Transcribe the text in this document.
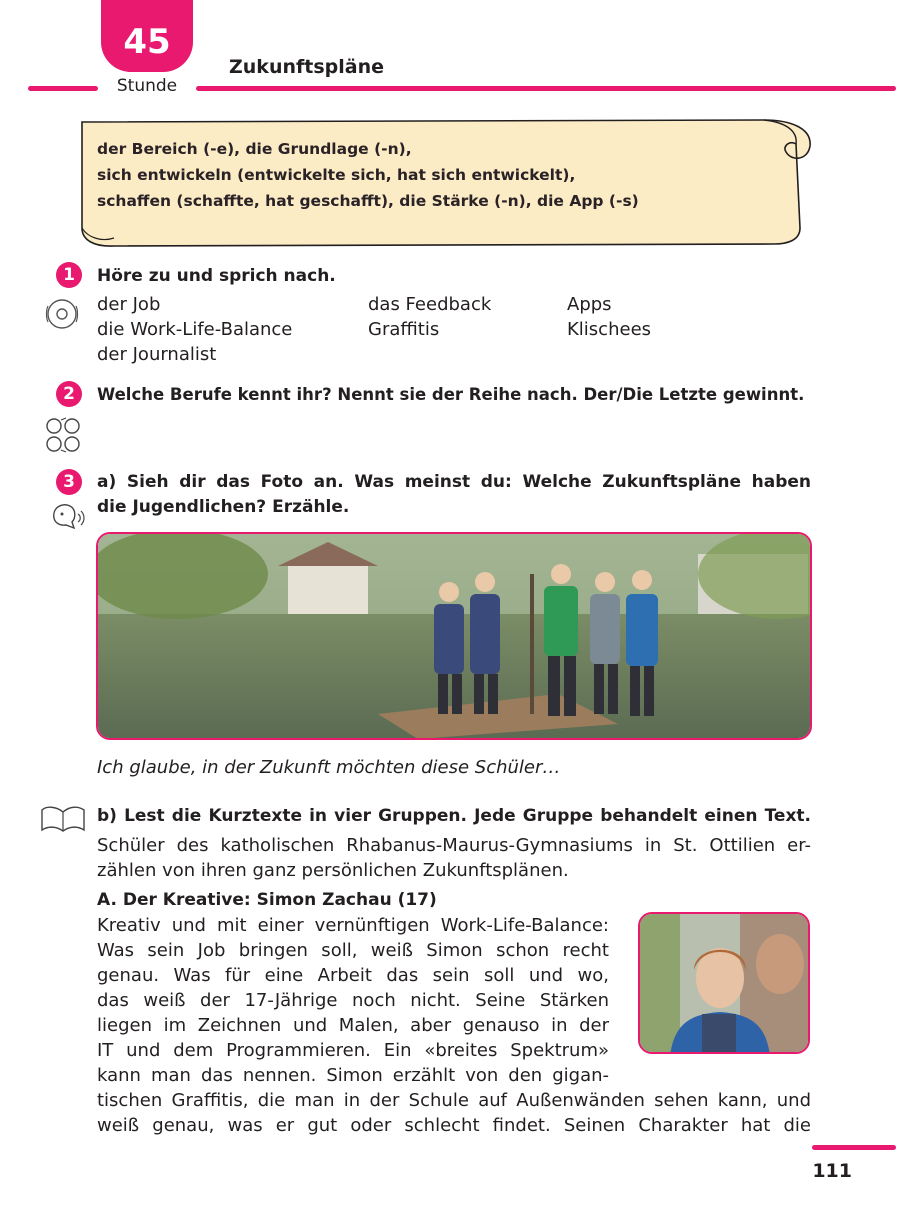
45
Stunde
Zukunftspläne
der Bereich (-e), die Grundlage (-n),
sich entwickeln (entwickelte sich, hat sich entwickelt),
schaffen (schaffte, hat geschafft), die Stärke (-n), die App (-s)
1	Höre zu und sprich nach.
der Job	das Feedback	Apps
die Work-Life-Balance	Graffitis	Klischees
der Journalist
2	Welche Berufe kennt ihr? Nennt sie der Reihe nach. Der/Die Letzte gewinnt.
3	a) Sieh dir das Foto an. Was meinst du: Welche Zukunftspläne haben
die Jugendlichen? Erzähle.
Ich glaube, in der Zukunft möchten diese Schüler…
b) Lest die Kurztexte in vier Gruppen. Jede Gruppe behandelt einen Text.
Schüler des katholischen Rhabanus-Maurus-Gymnasiums in St. Ottilien er-
zählen von ihren ganz persönlichen Zukunftsplänen.
A. Der Kreative: Simon Zachau (17)
Kreativ und mit einer vernünftigen Work-Life-Balance:
Was sein Job bringen soll, weiß Simon schon recht
genau. Was für eine Arbeit das sein soll und wo,
das weiß der 17-Jährige noch nicht. Seine Stärken
liegen im Zeichnen und Malen, aber genauso in der
IT und dem Programmieren. Ein «breites Spektrum»
kann man das nennen. Simon erzählt von den gigan-
tischen Graffitis, die man in der Schule auf Außenwänden sehen kann, und
weiß genau, was er gut oder schlecht findet. Seinen Charakter hat die
111
